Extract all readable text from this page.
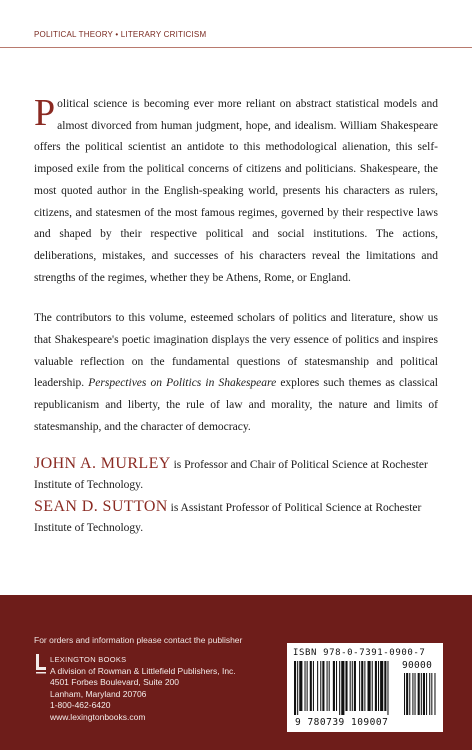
POLITICAL THEORY • LITERARY CRITICISM

Political science is becoming ever more reliant on abstract statistical models and almost divorced from human judgment, hope, and idealism. William Shakespeare offers the political scientist an antidote to this methodological alienation, this self-imposed exile from the political concerns of citizens and politicians. Shakespeare, the most quoted author in the English-speaking world, presents his characters as rulers, citizens, and statesmen of the most famous regimes, governed by their respective laws and shaped by their respective political and social institutions. The actions, deliberations, mistakes, and successes of his characters reveal the limitations and strengths of the regimes, whether they be Athens, Rome, or England.

The contributors to this volume, esteemed scholars of politics and literature, show us that Shakespeare's poetic imagination displays the very essence of politics and inspires valuable reflection on the fundamental questions of statesmanship and political leadership. Perspectives on Politics in Shakespeare explores such themes as classical republicanism and liberty, the rule of law and morality, the nature and limits of statesmanship, and the character of democracy.

JOHN A. MURLEY is Professor and Chair of Political Science at Rochester Institute of Technology.

SEAN D. SUTTON is Assistant Professor of Political Science at Rochester Institute of Technology.

For orders and information please contact the publisher
LEXINGTON BOOKS
A division of Rowman & Littlefield Publishers, Inc.
4501 Forbes Boulevard, Suite 200
Lanham, Maryland 20706
1-800-462-6420
www.lexingtonbooks.com
ISBN 978-0-7391-0900-7
9 780739 109007
90000
